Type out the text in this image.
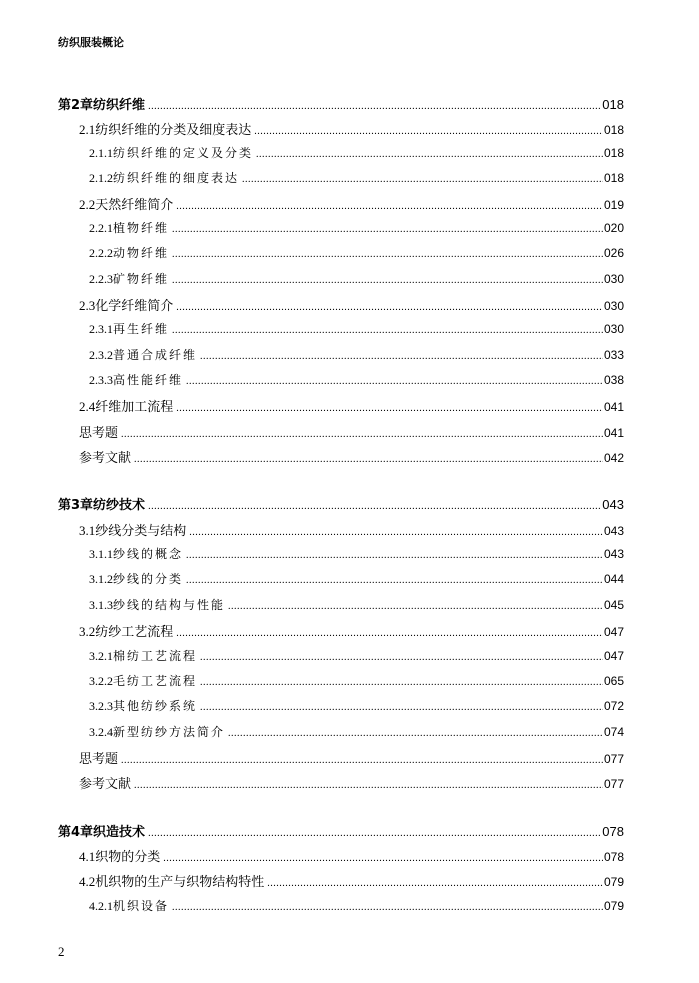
纺织服装概论
第2章 纺织纤维 .....	018
2.1 纺织纤维的分类及细度表达 .....	018
2.1.1 纺织纤维的定义及分类 .....	018
2.1.2 纺织纤维的细度表达 .....	018
2.2 天然纤维简介 .....	019
2.2.1 植物纤维 .....	020
2.2.2 动物纤维 .....	026
2.2.3 矿物纤维 .....	030
2.3 化学纤维简介 .....	030
2.3.1 再生纤维 .....	030
2.3.2 普通合成纤维 .....	033
2.3.3 高性能纤维 .....	038
2.4 纤维加工流程 .....	041
思考题 .....	041
参考文献 .....	042
第3章 纺纱技术 .....	043
3.1 纱线分类与结构 .....	043
3.1.1 纱线的概念 .....	043
3.1.2 纱线的分类 .....	044
3.1.3 纱线的结构与性能 .....	045
3.2 纺纱工艺流程 .....	047
3.2.1 棉纺工艺流程 .....	047
3.2.2 毛纺工艺流程 .....	065
3.2.3 其他纺纱系统 .....	072
3.2.4 新型纺纱方法简介 .....	074
思考题 .....	077
参考文献 .....	077
第4章 织造技术 .....	078
4.1 织物的分类 .....	078
4.2 机织物的生产与织物结构特性 .....	079
4.2.1 机织设备 .....	079
2
